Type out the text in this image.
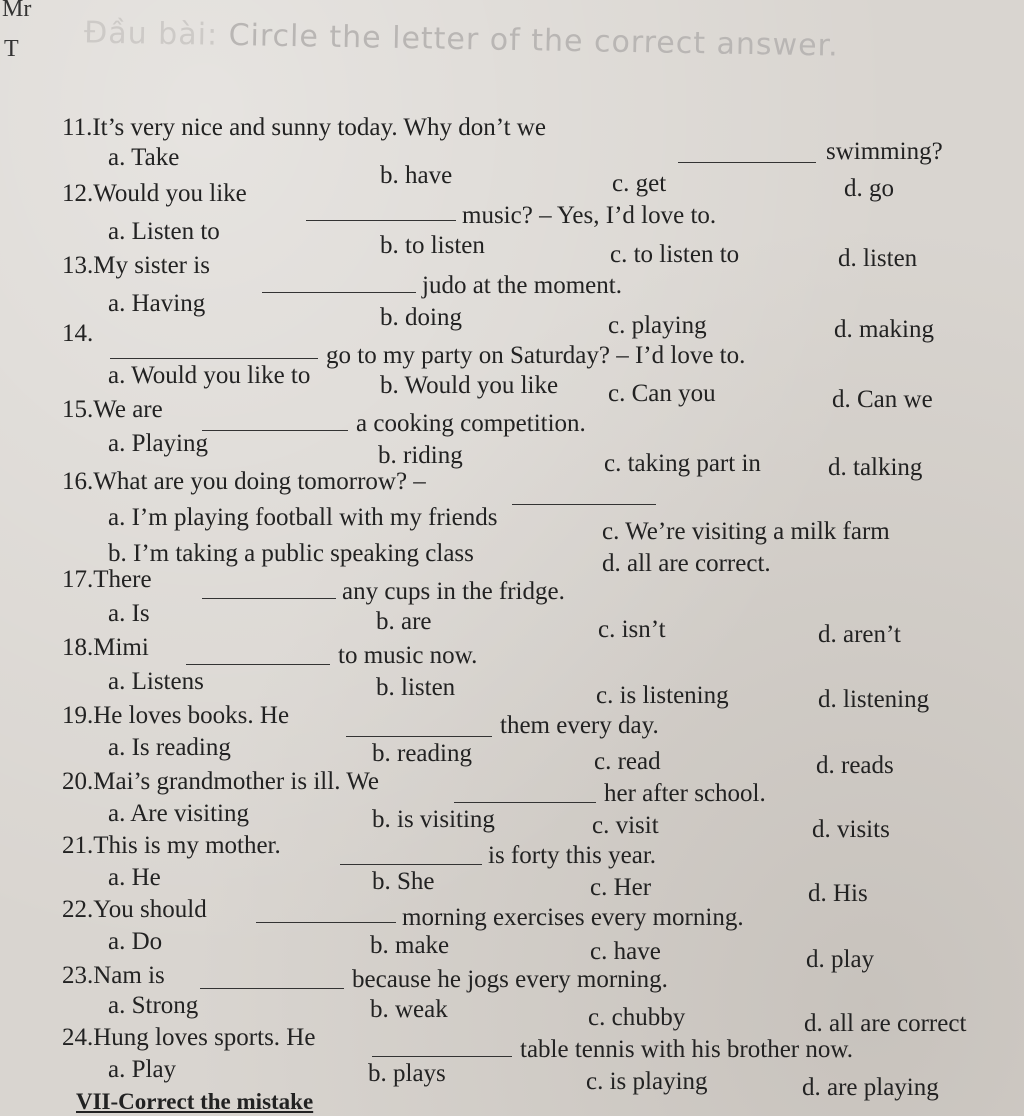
Mr
T Đầu bài: Circle the letter of the correct answer.
11.It’s very nice and sunny today. Why don’t we
swimming?
a. Take
b. have	c. get	d. go
12.Would you like
music? – Yes, I’d love to.
a. Listen to
b. to listen	c. to listen to	d. listen
13.My sister is
judo at the moment.
a. Having
b. doing	c. playing	d. making
14.
go to my party on Saturday? – I’d love to.
a. Would you like to	b. Would you like c. Can you	d. Can we
15.We are
a cooking competition.
a. Playing	b. riding	c. taking part in	d. talking
16.What are you doing tomorrow? –
a. I’m playing football with my friends
b. I’m taking a public speaking class
c. We’re visiting a milk farm
d. all are correct.
17.There	any cups in the fridge.
a. Is	b. are	c. isn’t	d. aren’t
18.Mimi	to music now.
a. Listens	b. listen	c. is listening	d. listening
19.He loves books. He	them every day.
a. Is reading	b. reading	c. read	d. reads
20.Mai’s grandmother is ill. We	her after school.
a. Are visiting	b. is visiting	c. visit	d. visits
21.This is my mother.	is forty this year.
a. He	b. She	c. Her	d. His
22.You should	morning exercises every morning.
a. Do	b. make	c. have	d. play
23.Nam is	because he jogs every morning.
a. Strong	b. weak	c. chubby	d. all are correct
24.Hung loves sports. He	table tennis with his brother now.
a. Play	b. plays	c. is playing	d. are playing
VII-Correct the mistake
